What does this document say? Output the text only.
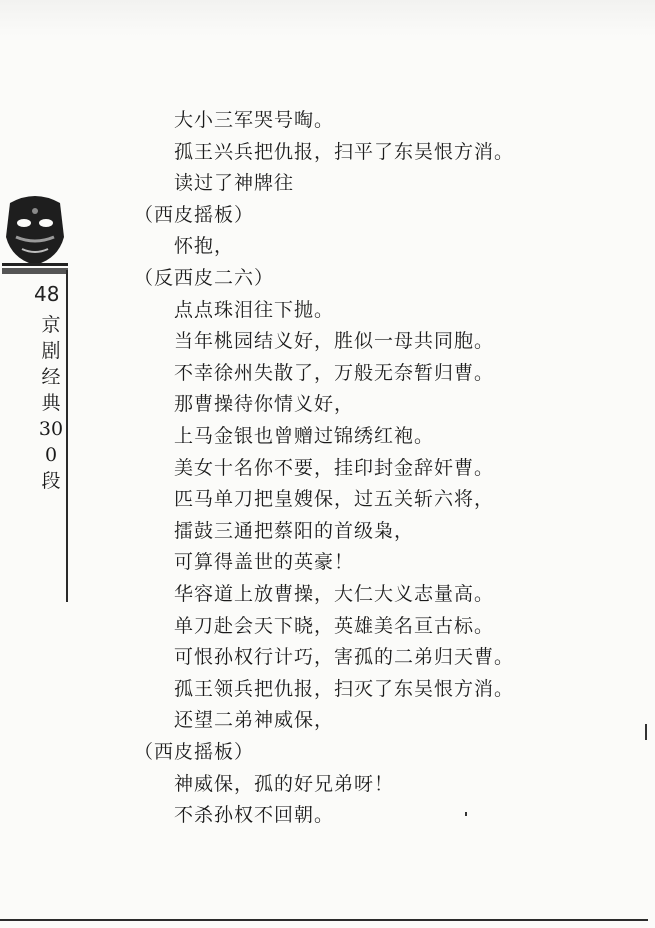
48
京剧经典300段
大小三军哭号啕。
孤王兴兵把仇报，扫平了东吴恨方消。
读过了神牌往
（西皮摇板）
怀抱，
（反西皮二六）
点点珠泪往下抛。
当年桃园结义好，胜似一母共同胞。
不幸徐州失散了，万般无奈暂归曹。
那曹操待你情义好，
上马金银也曾赠过锦绣红袍。
美女十名你不要，挂印封金辞奸曹。
匹马单刀把皇嫂保，过五关斩六将，
擂鼓三通把蔡阳的首级枭，
可算得盖世的英豪！
华容道上放曹操，大仁大义志量高。
单刀赴会天下晓，英雄美名亘古标。
可恨孙权行计巧，害孤的二弟归天曹。
孤王领兵把仇报，扫灭了东吴恨方消。
还望二弟神威保，
（西皮摇板）
神威保，孤的好兄弟呀！
不杀孙权不回朝。
